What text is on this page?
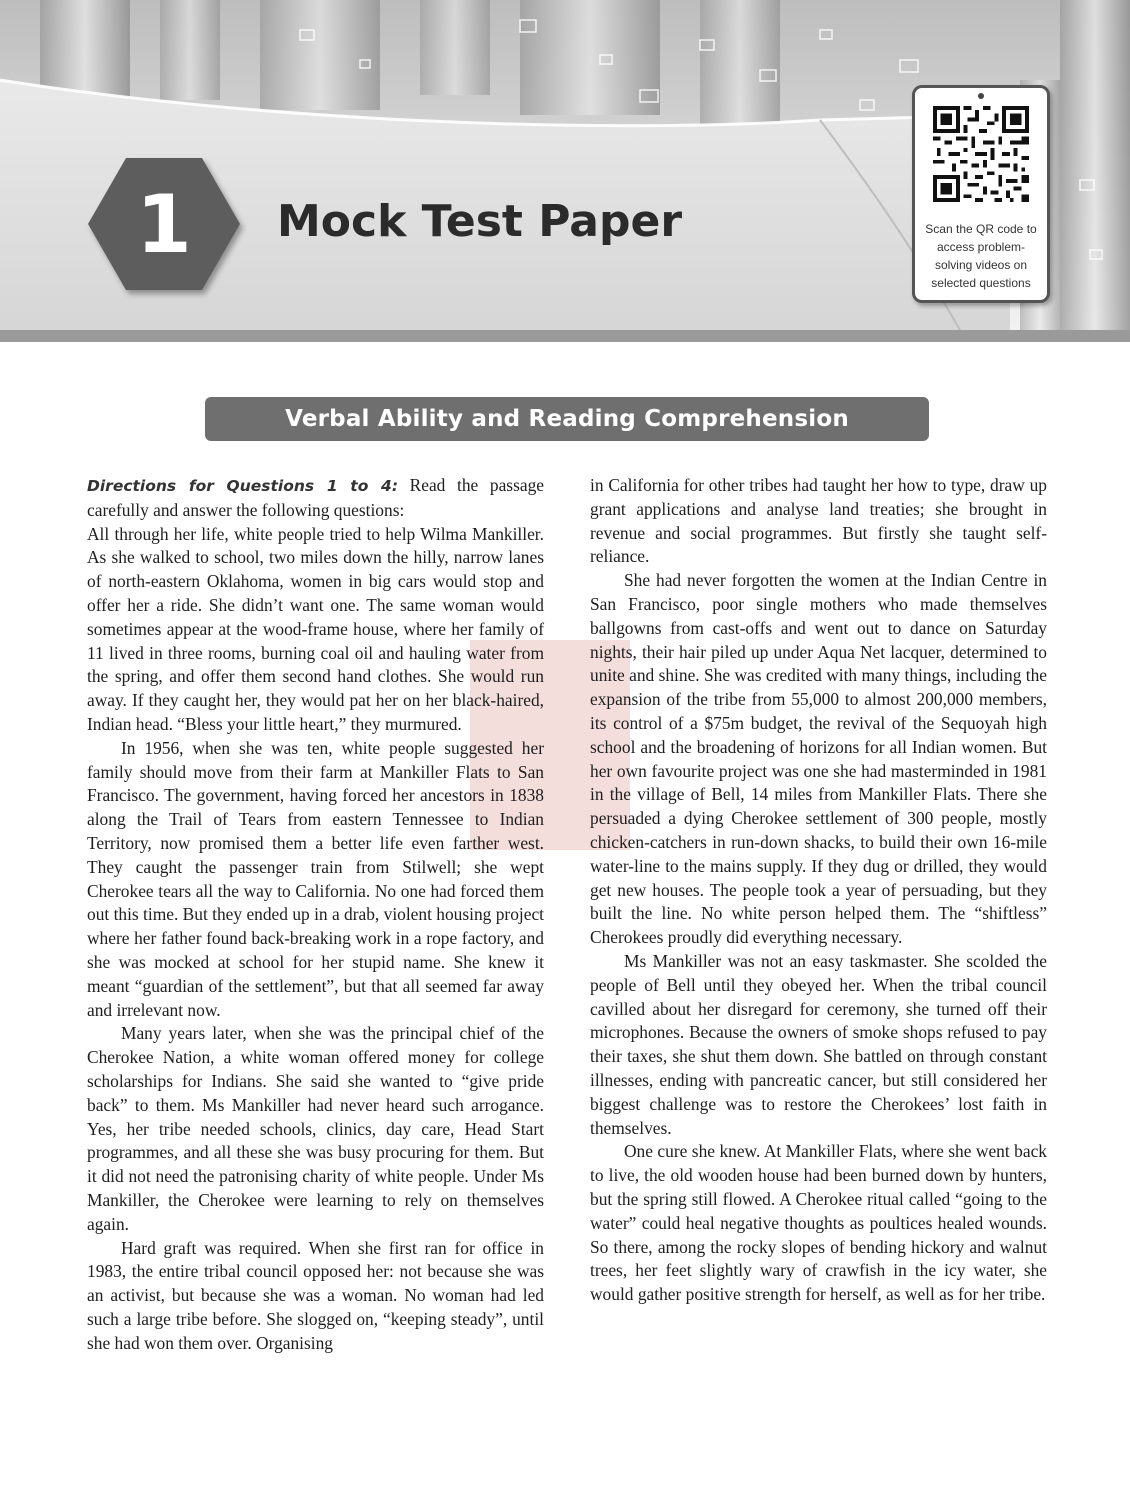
1	Mock Test Paper	Scan the QR code to access problem-solving videos on selected questions
Verbal Ability and Reading Comprehension

Directions for Questions 1 to 4: Read the passage carefully and answer the following questions:

All through her life, white people tried to help Wilma Mankiller. As she walked to school, two miles down the hilly, narrow lanes of north-eastern Oklahoma, women in big cars would stop and offer her a ride. She didn’t want one. The same woman would sometimes appear at the wood-frame house, where her family of 11 lived in three rooms, burning coal oil and hauling water from the spring, and offer them second hand clothes. She would run away. If they caught her, they would pat her on her black-haired, Indian head. “Bless your little heart,” they murmured.

In 1956, when she was ten, white people suggested her family should move from their farm at Mankiller Flats to San Francisco. The government, having forced her ancestors in 1838 along the Trail of Tears from eastern Tennessee to Indian Territory, now promised them a better life even farther west. They caught the passenger train from Stilwell; she wept Cherokee tears all the way to California. No one had forced them out this time. But they ended up in a drab, violent housing project where her father found back-breaking work in a rope factory, and she was mocked at school for her stupid name. She knew it meant “guardian of the settlement”, but that all seemed far away and irrelevant now.

Many years later, when she was the principal chief of the Cherokee Nation, a white woman offered money for college scholarships for Indians. She said she wanted to “give pride back” to them. Ms Mankiller had never heard such arrogance. Yes, her tribe needed schools, clinics, day care, Head Start programmes, and all these she was busy procuring for them. But it did not need the patronising charity of white people. Under Ms Mankiller, the Cherokee were learning to rely on themselves again.

Hard graft was required. When she first ran for office in 1983, the entire tribal council opposed her: not because she was an activist, but because she was a woman. No woman had led such a large tribe before. She slogged on, “keeping steady”, until she had won them over. Organising

in California for other tribes had taught her how to type, draw up grant applications and analyse land treaties; she brought in revenue and social programmes. But firstly she taught self-reliance.

She had never forgotten the women at the Indian Centre in San Francisco, poor single mothers who made themselves ballgowns from cast-offs and went out to dance on Saturday nights, their hair piled up under Aqua Net lacquer, determined to unite and shine. She was credited with many things, including the expansion of the tribe from 55,000 to almost 200,000 members, its control of a $75m budget, the revival of the Sequoyah high school and the broadening of horizons for all Indian women. But her own favourite project was one she had masterminded in 1981 in the village of Bell, 14 miles from Mankiller Flats. There she persuaded a dying Cherokee settlement of 300 people, mostly chicken-catchers in run-down shacks, to build their own 16-mile water-line to the mains supply. If they dug or drilled, they would get new houses. The people took a year of persuading, but they built the line. No white person helped them. The “shiftless” Cherokees proudly did everything necessary.

Ms Mankiller was not an easy taskmaster. She scolded the people of Bell until they obeyed her. When the tribal council cavilled about her disregard for ceremony, she turned off their microphones. Because the owners of smoke shops refused to pay their taxes, she shut them down. She battled on through constant illnesses, ending with pancreatic cancer, but still considered her biggest challenge was to restore the Cherokees’ lost faith in themselves.

One cure she knew. At Mankiller Flats, where she went back to live, the old wooden house had been burned down by hunters, but the spring still flowed. A Cherokee ritual called “going to the water” could heal negative thoughts as poultices healed wounds. So there, among the rocky slopes of bending hickory and walnut trees, her feet slightly wary of crawfish in the icy water, she would gather positive strength for herself, as well as for her tribe.
